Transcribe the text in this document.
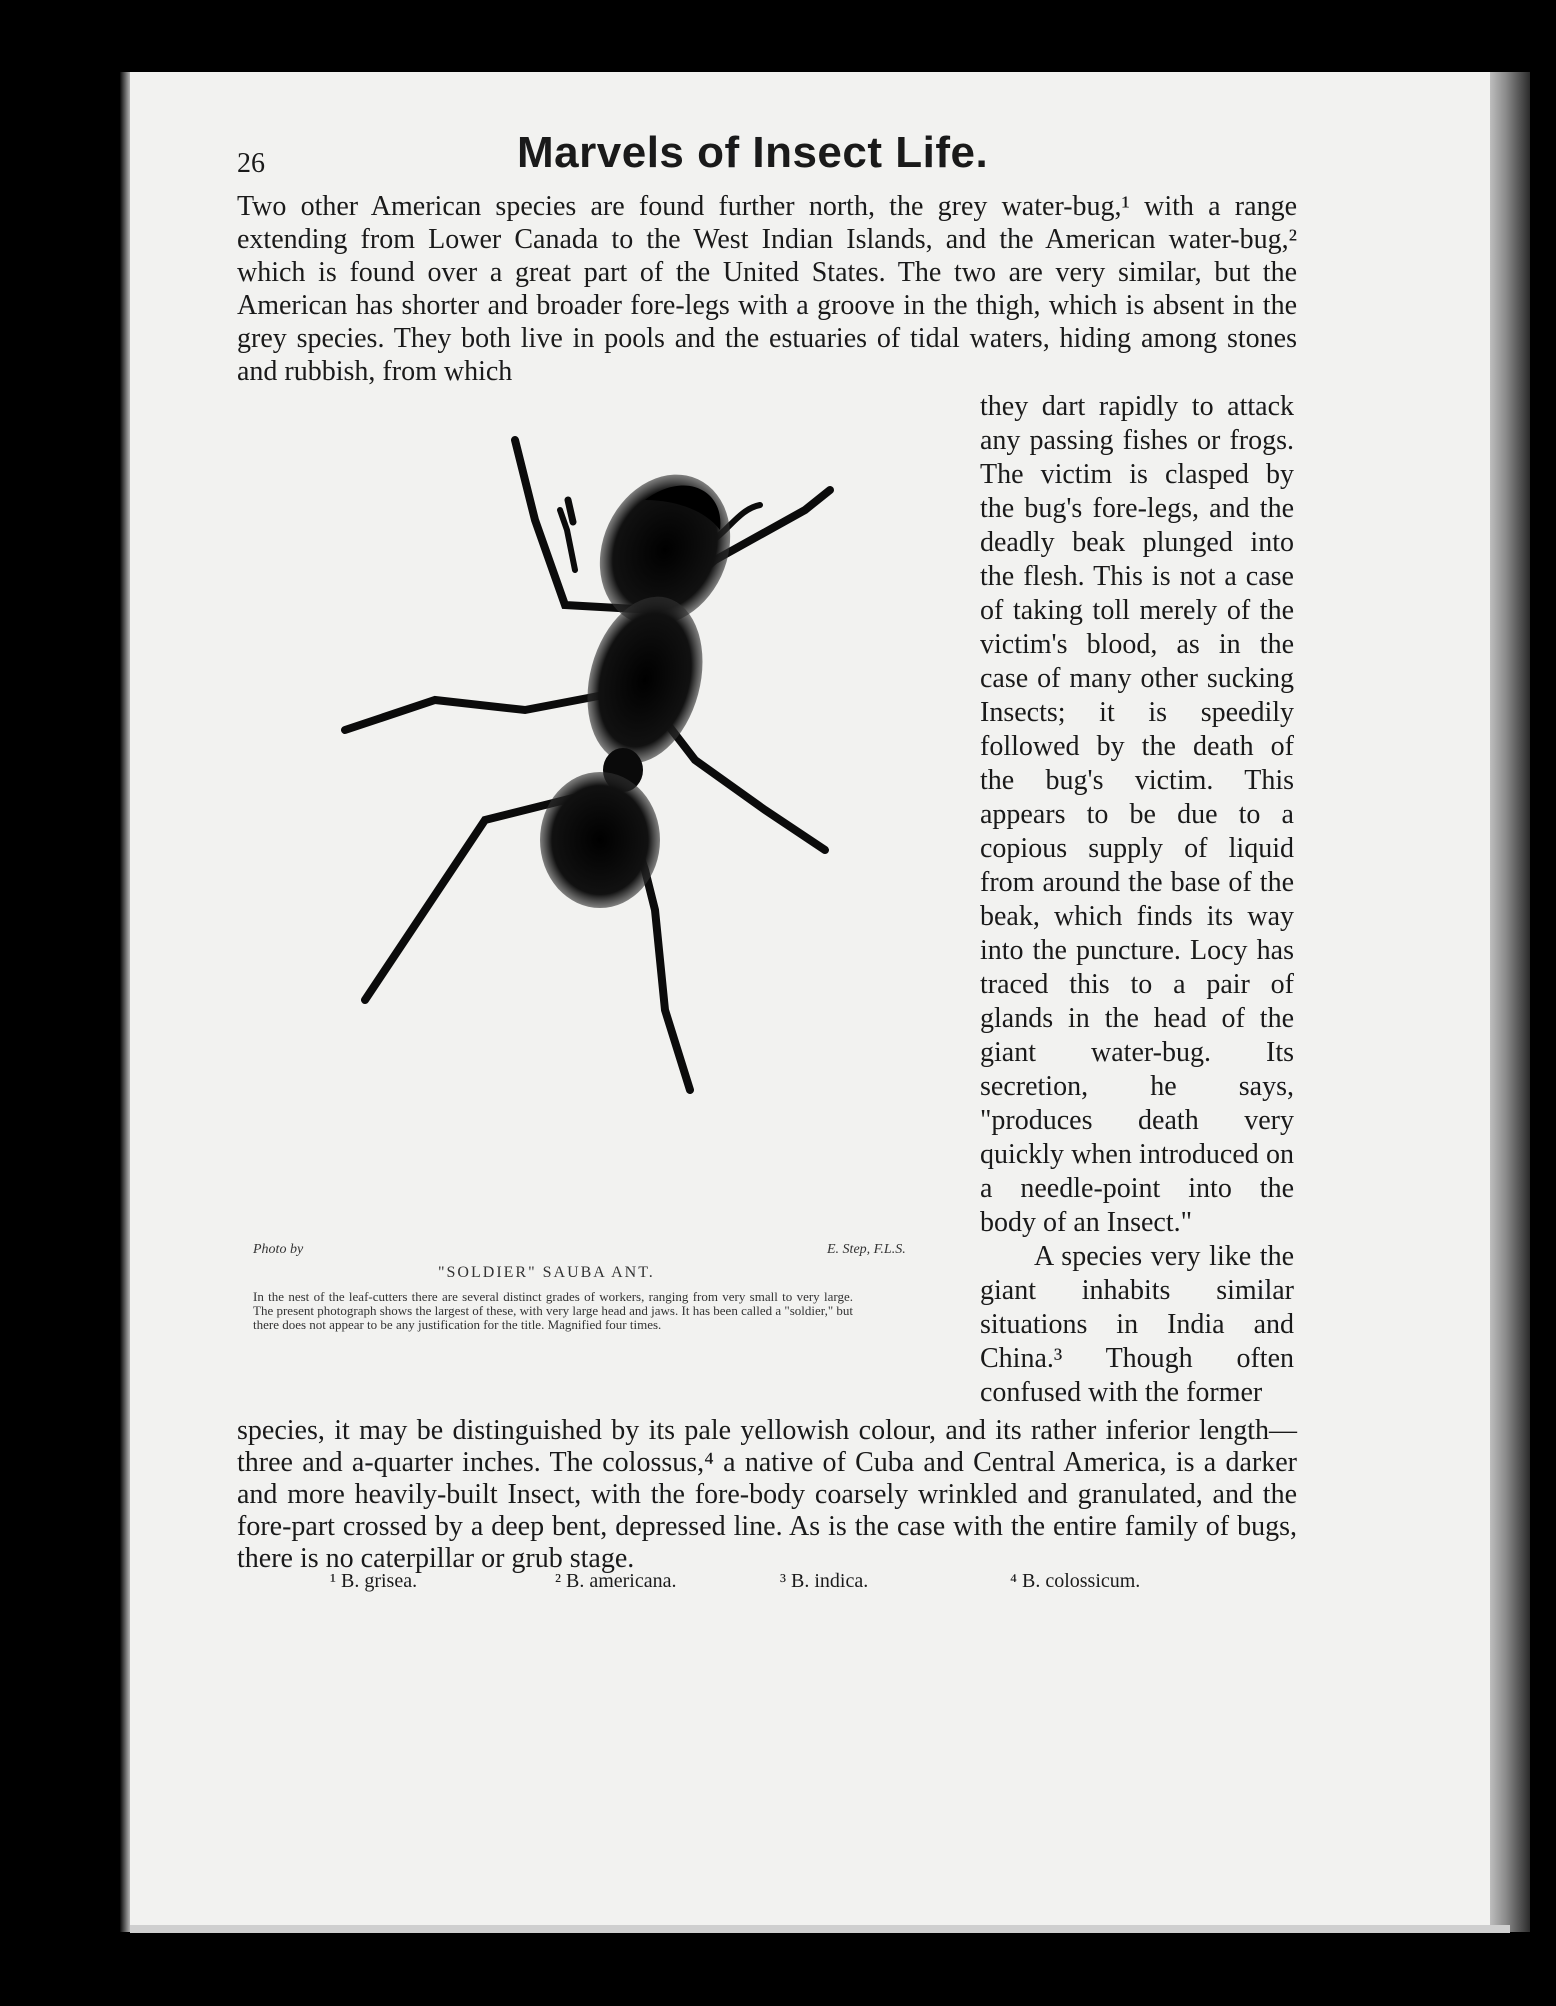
26	Marvels of Insect Life.
Two other American species are found further north, the grey water-bug,¹ with a range extending from Lower Canada to the West Indian Islands, and the American water-bug,² which is found over a great part of the United States. The two are very similar, but the American has shorter and broader fore-legs with a groove in the thigh, which is absent in the grey species. They both live in pools and the estuaries of tidal waters, hiding among stones and rubbish, from which

they dart rapidly to attack any passing fishes or frogs. The victim is clasped by the bug's fore-legs, and the deadly beak plunged into the flesh. This is not a case of taking toll merely of the victim's blood, as in the case of many other sucking Insects; it is speedily followed by the death of the bug's victim. This appears to be due to a copious supply of liquid from around the base of the beak, which finds its way into the puncture. Locy has traced this to a pair of glands in the head of the giant water-bug. Its secretion, he says, "produces death very quickly when introduced on a needle-point into the body of an Insect."

A species very like the giant inhabits similar situations in India and China.³ Though often confused with the former

Photo by	E. Step, F.L.S.
"SOLDIER" SAUBA ANT.
In the nest of the leaf-cutters there are several distinct grades of workers, ranging from very small to very large. The present photograph shows the largest of these, with very large head and jaws. It has been called a "soldier," but there does not appear to be any justification for the title. Magnified four times.
species, it may be distinguished by its pale yellowish colour, and its rather inferior length—three and a-quarter inches. The colossus,⁴ a native of Cuba and Central America, is a darker and more heavily-built Insect, with the fore-body coarsely wrinkled and granulated, and the fore-part crossed by a deep bent, depressed line. As is the case with the entire family of bugs, there is no caterpillar or grub stage.
¹ B. grisea.	² B. americana.	³ B. indica.	⁴ B. colossicum.
